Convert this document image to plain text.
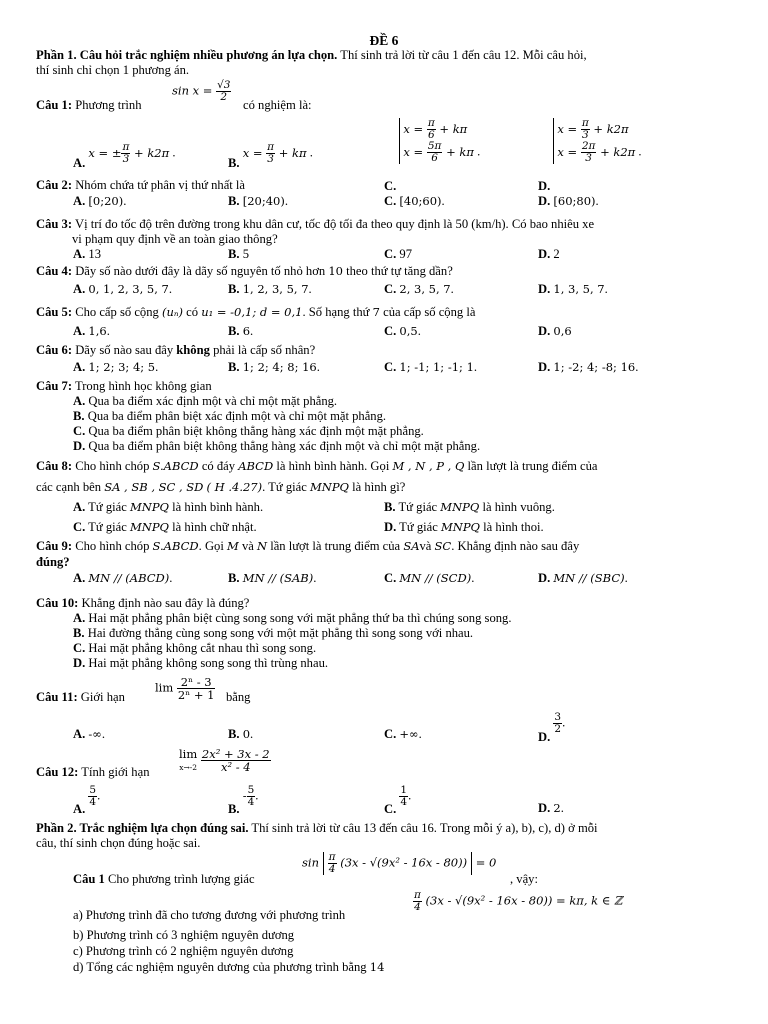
ĐỀ 6
Phần 1. Câu hỏi trắc nghiệm nhiều phương án lựa chọn. Thí sinh trả lời từ câu 1 đến câu 12. Mỗi câu hỏi,
thí sinh chỉ chọn 1 phương án.
Câu 1: Phương trình
$\sin x = \frac{√3}{2}$
có nghiệm là:
A. x = ± $\frac{\pi}{3} + k2\pi$ .
B. $x = \frac{\pi}{3} + k\pi$ .
C. $x = \frac{\pi}{6} + k\pi$
$x = \frac{5\pi}{6} + k\pi$ .
D. $x = \frac{\pi}{3} + k2\pi$
$x = \frac{2\pi}{3} + k2\pi$ .
Câu 2: Nhóm chứa tứ phân vị thứ nhất là
A. [0;20).	B. [20;40).	C. [40;60).	D. [60;80).
Câu 3: Vị trí đo tốc độ trên đường trong khu dân cư, tốc độ tối đa theo quy định là 50 (km/h). Có bao nhiêu xe
vi phạm quy định về an toàn giao thông?
A. 13	B. 5	C. 97	D. 2
Câu 4: Dãy số nào dưới đây là dãy số nguyên tố nhỏ hơn 10 theo thứ tự tăng dần?
A. 0, 1, 2, 3, 5, 7.	B. 1, 2, 3, 5, 7.	C. 2, 3, 5, 7.	D. 1, 3, 5, 7.
Câu 5: Cho cấp số cộng (uₙ) có u₁ = -0,1; d = 0,1. Số hạng thứ 7 của cấp số cộng là
A. 1,6.	B. 6.	C. 0,5.	D. 0,6
Câu 6: Dãy số nào sau đây không phải là cấp số nhân?
A. 1; 2; 3; 4; 5.	B. 1; 2; 4; 8; 16.	C. 1; -1; 1; -1; 1.	D. 1; -2; 4; -8; 16.
Câu 7: Trong hình học không gian
A. Qua ba điểm xác định một và chỉ một mặt phẳng.
B. Qua ba điểm phân biệt xác định một và chỉ một mặt phẳng.
C. Qua ba điểm phân biệt không thẳng hàng xác định một mặt phẳng.
D. Qua ba điểm phân biệt không thẳng hàng xác định một và chỉ một mặt phẳng.
Câu 8: Cho hình chóp S.ABCD có đáy ABCD là hình bình hành. Gọi M , N , P , Q lần lượt là trung điểm của
các cạnh bên SA , SB , SC , SD ( H .4.27). Tứ giác MNPQ là hình gì?
A. Tứ giác MNPQ là hình bình hành.	B. Tứ giác MNPQ là hình vuông.
C. Tứ giác MNPQ là hình chữ nhật.	D. Tứ giác MNPQ là hình thoi.
Câu 9: Cho hình chóp S.ABCD. Gọi M và N lần lượt là trung điểm của SAvà SC. Khẳng định nào sau đây
đúng?
A. MN // (ABCD).	B. MN // (SAB).	C. MN // (SCD).	D. MN // (SBC).
Câu 10: Khẳng định nào sau đây là đúng?
A. Hai mặt phẳng phân biệt cùng song song với mặt phẳng thứ ba thì chúng song song.
B. Hai đường thẳng cùng song song với một mặt phẳng thì song song với nhau.
C. Hai mặt phẳng không cắt nhau thì song song.
D. Hai mặt phẳng không song song thì trùng nhau.
Câu 11: Giới hạn
$\lim \frac{\text{2ⁿ - 3}}{\text{2ⁿ + 1}}$ bằng
A. -∞.	B. 0.	C. +∞.	D.
$\frac{3}{2}$ .
Câu 12: Tính giới hạn
lim
$x\to-2 \frac{\text{2x² + 3x - 2}}{\text{x² - 4}}$
A.
$\frac{5}{4}$ .
B. - $\frac{5}{4}$ .
C.
$\frac{1}{4}$ .
D. 2.
Phần 2. Trắc nghiệm lựa chọn đúng sai. Thí sinh trả lời từ câu 13 đến câu 16. Trong mỗi ý a), b), c), d) ở mỗi
câu, thí sinh chọn đúng hoặc sai.
Câu 1 Cho phương trình lượng giác
$\sin \frac{\pi}{4} (3x - √(9x^2 - 16x - 80)) = 0$
, vậy:
a) Phương trình đã cho tương đương với phương trình
$\frac{\pi}{4} (3x - √(9x^2 - 16x - 80)) = k\pi$, k ∈ ℤ
b) Phương trình có 3 nghiệm nguyên dương
c) Phương trình có 2 nghiệm nguyên dương
d) Tổng các nghiệm nguyên dương của phương trình bằng 14
